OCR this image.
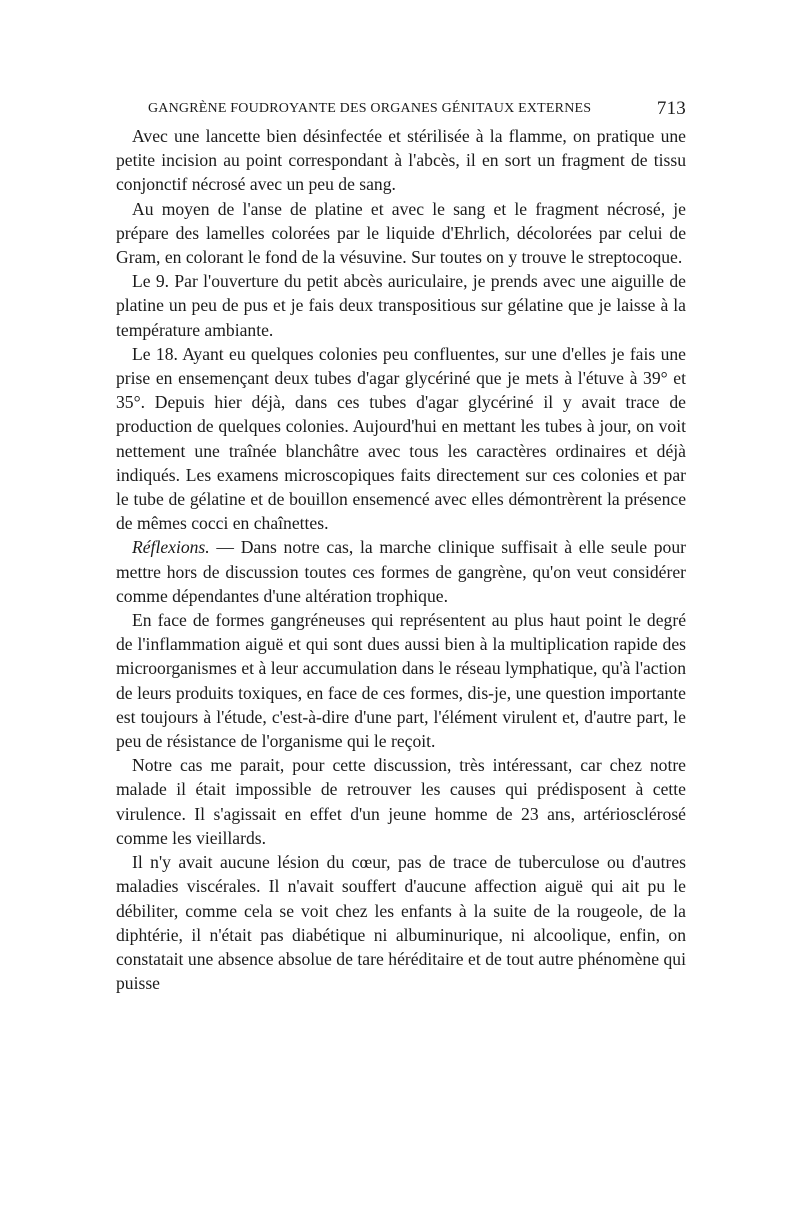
GANGRÈNE FOUDROYANTE DES ORGANES GÉNITAUX EXTERNES	713

Avec une lancette bien désinfectée et stérilisée à la flamme, on pratique une petite incision au point correspondant à l'abcès, il en sort un fragment de tissu conjonctif nécrosé avec un peu de sang.

Au moyen de l'anse de platine et avec le sang et le fragment nécrosé, je prépare des lamelles colorées par le liquide d'Ehrlich, décolorées par celui de Gram, en colorant le fond de la vésuvine. Sur toutes on y trouve le streptocoque.

Le 9. Par l'ouverture du petit abcès auriculaire, je prends avec une aiguille de platine un peu de pus et je fais deux transpositious sur gélatine que je laisse à la température ambiante.

Le 18. Ayant eu quelques colonies peu confluentes, sur une d'elles je fais une prise en ensemençant deux tubes d'agar glycériné que je mets à l'étuve à 39° et 35°. Depuis hier déjà, dans ces tubes d'agar glycériné il y avait trace de production de quelques colonies. Aujourd'hui en mettant les tubes à jour, on voit nettement une traînée blanchâtre avec tous les caractères ordinaires et déjà indiqués. Les examens microscopiques faits directement sur ces colonies et par le tube de gélatine et de bouillon ensemencé avec elles démontrèrent la présence de mêmes cocci en chaînettes.

Réflexions. — Dans notre cas, la marche clinique suffisait à elle seule pour mettre hors de discussion toutes ces formes de gangrène, qu'on veut considérer comme dépendantes d'une altération trophique.

En face de formes gangréneuses qui représentent au plus haut point le degré de l'inflammation aiguë et qui sont dues aussi bien à la multiplication rapide des microorganismes et à leur accumulation dans le réseau lymphatique, qu'à l'action de leurs produits toxiques, en face de ces formes, dis-je, une question importante est toujours à l'étude, c'est-à-dire d'une part, l'élément virulent et, d'autre part, le peu de résistance de l'organisme qui le reçoit.

Notre cas me parait, pour cette discussion, très intéressant, car chez notre malade il était impossible de retrouver les causes qui prédisposent à cette virulence. Il s'agissait en effet d'un jeune homme de 23 ans, artériosclérosé comme les vieillards.

Il n'y avait aucune lésion du cœur, pas de trace de tuberculose ou d'autres maladies viscérales. Il n'avait souffert d'aucune affection aiguë qui ait pu le débiliter, comme cela se voit chez les enfants à la suite de la rougeole, de la diphtérie, il n'était pas diabétique ni albuminurique, ni alcoolique, enfin, on constatait une absence absolue de tare héréditaire et de tout autre phénomène qui puisse
